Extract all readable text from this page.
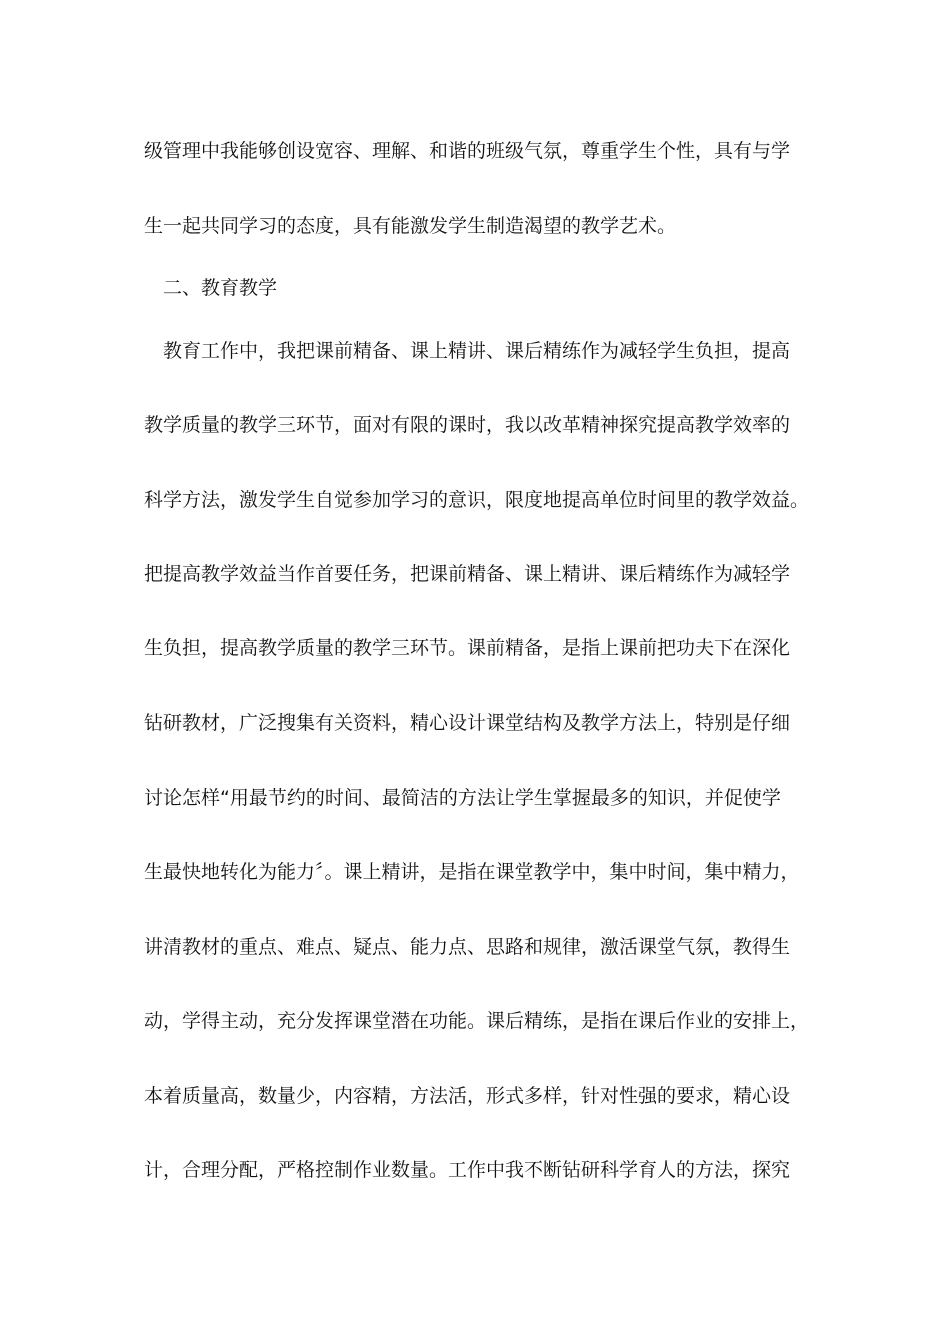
级管理中我能够创设宽容、理解、和谐的班级气氛，尊重学生个性，具有与学
生一起共同学习的态度，具有能激发学生制造渴望的教学艺术。
二、教育教学
教育工作中，我把课前精备、课上精讲、课后精练作为减轻学生负担，提高
教学质量的教学三环节，面对有限的课时，我以改革精神探究提高教学效率的
科学方法，激发学生自觉参加学习的意识，限度地提高单位时间里的教学效益。
把提高教学效益当作首要任务，把课前精备、课上精讲、课后精练作为减轻学
生负担，提高教学质量的教学三环节。课前精备，是指上课前把功夫下在深化
钻研教材，广泛搜集有关资料，精心设计课堂结构及教学方法上，特别是仔细
讨论怎样“用最节约的时间、最简洁的方法让学生掌握最多的知识，并促使学
生最快地转化为能力〞。课上精讲，是指在课堂教学中，集中时间，集中精力，
讲清教材的重点、难点、疑点、能力点、思路和规律，激活课堂气氛，教得生
动，学得主动，充分发挥课堂潜在功能。课后精练，是指在课后作业的安排上，
本着质量高，数量少，内容精，方法活，形式多样，针对性强的要求，精心设
计，合理分配，严格控制作业数量。工作中我不断钻研科学育人的方法，探究
